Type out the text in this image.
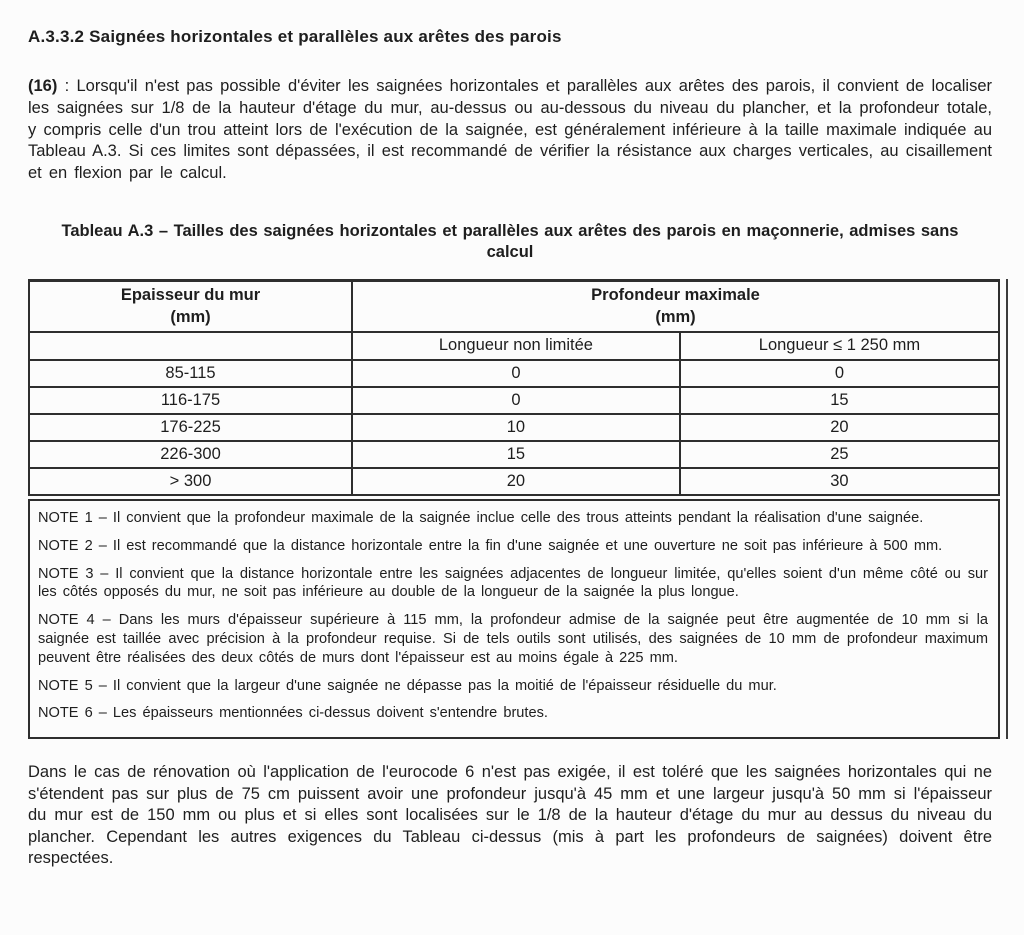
A.3.3.2 Saignées horizontales et parallèles aux arêtes des parois

(16) : Lorsqu'il n'est pas possible d'éviter les saignées horizontales et parallèles aux arêtes des parois, il convient de localiser les saignées sur 1/8 de la hauteur d'étage du mur, au-dessus ou au-dessous du niveau du plancher, et la profondeur totale, y compris celle d'un trou atteint lors de l'exécution de la saignée, est généralement inférieure à la taille maximale indiquée au Tableau A.3. Si ces limites sont dépassées, il est recommandé de vérifier la résistance aux charges verticales, au cisaillement et en flexion par le calcul.

Tableau A.3 – Tailles des saignées horizontales et parallèles aux arêtes des parois en maçonnerie, admises sans calcul
Epaisseur du mur
(mm)

Profondeur maximale
(mm)

	Longueur non limitée	Longueur ≤ 1 250 mm
85-115	0	0
116-175	0	15
176-225	10	20
226-300	15	25
> 300	20	30

NOTE 1 – Il convient que la profondeur maximale de la saignée inclue celle des trous atteints pendant la réalisation d'une saignée.

NOTE 2 – Il est recommandé que la distance horizontale entre la fin d'une saignée et une ouverture ne soit pas inférieure à 500 mm.

NOTE 3 – Il convient que la distance horizontale entre les saignées adjacentes de longueur limitée, qu'elles soient d'un même côté ou sur les côtés opposés du mur, ne soit pas inférieure au double de la longueur de la saignée la plus longue.

NOTE 4 – Dans les murs d'épaisseur supérieure à 115 mm, la profondeur admise de la saignée peut être augmentée de 10 mm si la saignée est taillée avec précision à la profondeur requise. Si de tels outils sont utilisés, des saignées de 10 mm de profondeur maximum peuvent être réalisées des deux côtés de murs dont l'épaisseur est au moins égale à 225 mm.

NOTE 5 – Il convient que la largeur d'une saignée ne dépasse pas la moitié de l'épaisseur résiduelle du mur.

NOTE 6 – Les épaisseurs mentionnées ci-dessus doivent s'entendre brutes.

Dans le cas de rénovation où l'application de l'eurocode 6 n'est pas exigée, il est toléré que les saignées horizontales qui ne s'étendent pas sur plus de 75 cm puissent avoir une profondeur jusqu'à 45 mm et une largeur jusqu'à 50 mm si l'épaisseur du mur est de 150 mm ou plus et si elles sont localisées sur le 1/8 de la hauteur d'étage du mur au dessus du niveau du plancher. Cependant les autres exigences du Tableau ci-dessus (mis à part les profondeurs de saignées) doivent être respectées.
